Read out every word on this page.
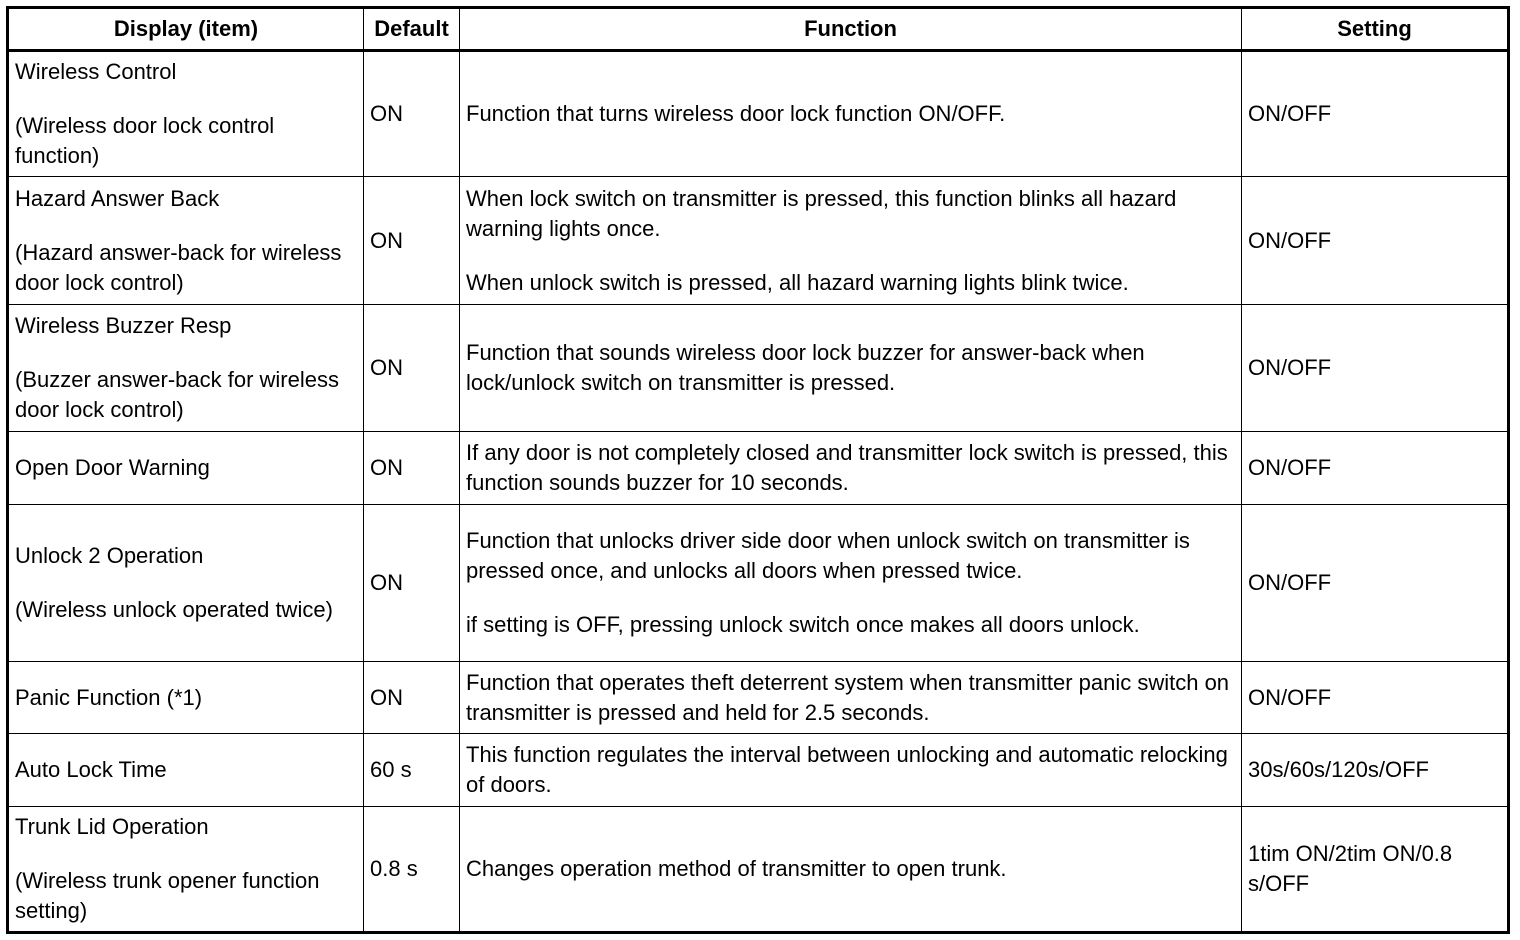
Display (item)	Default	Function	Setting

Wireless Control
(Wireless door lock control function)	ON	Function that turns wireless door lock function ON/OFF.	ON/OFF

Hazard Answer Back
(Hazard answer-back for wireless door lock control)	ON	When lock switch on transmitter is pressed, this function blinks all hazard warning lights once.
When unlock switch is pressed, all hazard warning lights blink twice.	ON/OFF

Wireless Buzzer Resp
(Buzzer answer-back for wireless door lock control)	ON	Function that sounds wireless door lock buzzer for answer-back when lock/unlock switch on transmitter is pressed.	ON/OFF

Open Door Warning	ON	If any door is not completely closed and transmitter lock switch is pressed, this function sounds buzzer for 10 seconds.	ON/OFF

Unlock 2 Operation
(Wireless unlock operated twice)	ON	Function that unlocks driver side door when unlock switch on transmitter is pressed once, and unlocks all doors when pressed twice.
if setting is OFF, pressing unlock switch once makes all doors unlock.	ON/OFF

Panic Function (*1)	ON	Function that operates theft deterrent system when transmitter panic switch on transmitter is pressed and held for 2.5 seconds.	ON/OFF

Auto Lock Time	60 s	This function regulates the interval between unlocking and automatic relocking of doors.	30s/60s/120s/OFF

Trunk Lid Operation
(Wireless trunk opener function setting)	0.8 s	Changes operation method of transmitter to open trunk.	1tim ON/2tim ON/0.8 s/OFF
